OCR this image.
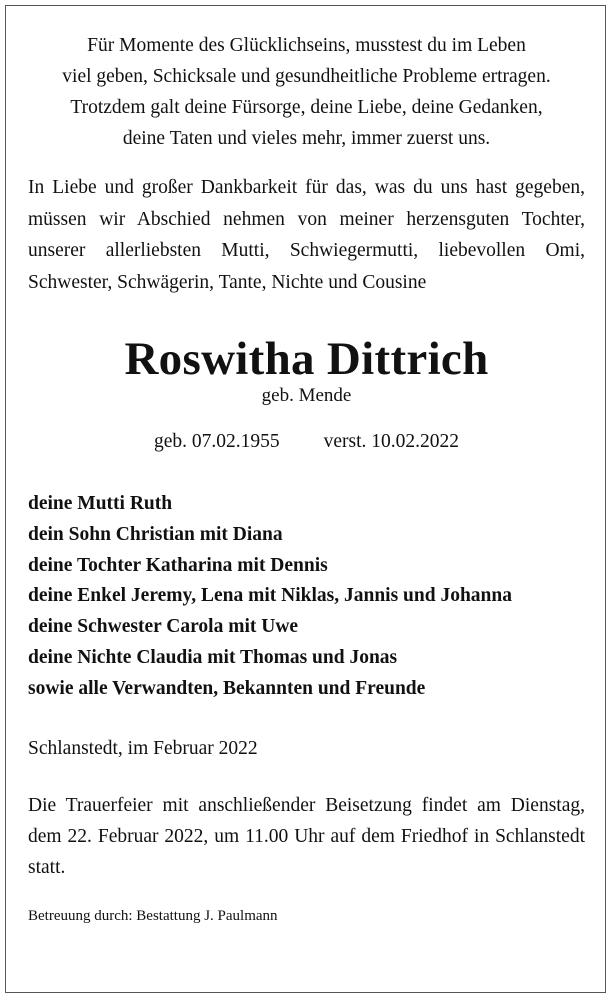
Für Momente des Glücklichseins, musstest du im Leben
viel geben, Schicksale und gesundheitliche Probleme ertragen.
Trotzdem galt deine Fürsorge, deine Liebe, deine Gedanken,
deine Taten und vieles mehr, immer zuerst uns.

In Liebe und großer Dankbarkeit für das, was du uns hast gegeben, müssen wir Abschied nehmen von meiner herzensguten Tochter, unserer allerliebsten Mutti, Schwiegermutti, liebevollen Omi, Schwester, Schwägerin, Tante, Nichte und Cousine

Roswitha Dittrich
geb. Mende
geb. 07.02.1955 verst. 10.02.2022
deine Mutti Ruth
dein Sohn Christian mit Diana
deine Tochter Katharina mit Dennis
deine Enkel Jeremy, Lena mit Niklas, Jannis und Johanna
deine Schwester Carola mit Uwe
deine Nichte Claudia mit Thomas und Jonas
sowie alle Verwandten, Bekannten und Freunde
Schlanstedt, im Februar 2022
Die Trauerfeier mit anschließender Beisetzung findet am Dienstag, dem 22. Februar 2022, um 11.00 Uhr auf dem Friedhof in Schlanstedt statt.
Betreuung durch: Bestattung J. Paulmann
